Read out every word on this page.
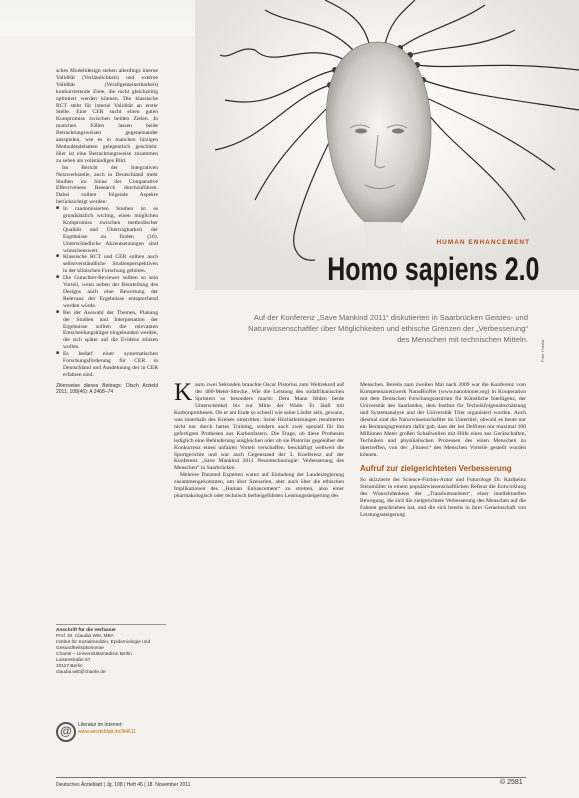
sches Modelldesign stehen allerdings interne Validität (Verlässlichkeit) und externe Validität (Verallgemeinerbarkeit) konkurrierende Ziele, die nicht gleichzeitig optimiert werden können. Die klassische RCT steht für interne Validität an erster Stelle. Eine CER sucht einen guten Kompromiss zwischen beiden Zielen. In manchen Fällen lassen beide Betrachtungsweisen gegeneinander ausspielen, wie es in manchen hitzigen Methodendebatten gelegentlich geschieht. Hier ist eine Betrachtungsweise zusammen zu sehen als vollständiges Bild.

Im Bericht der Integrativen Netzwerkstelle, auch in Deutschland mehr Studien im Sinne der Comparative Effectiveness Research durchzuführen. Dabei sollten folgende Aspekte berücksichtigt werden:

■ In randomisierten Studien ist es grundsätzlich wichtig, einen möglichen Kompromiss zwischen methodischer Qualität und Übertragbarkeit der Ergebnisse zu finden (16). Unterschiedliche Akzentsetzungen sind wünschenswert.
■ Klassische RCT und CER sollten auch selbstverständliche Studienperspektiven in der klinischen Forschung gehören.
■ Die Gutachter-Reviewer sollten so sein Vorteil, wenn neben der Beurteilung des Designs auch eine Bewertung der Relevanz der Ergebnisse entsprechend werden würde.
■ Bei der Auswahl der Themen, Planung der Studien und Interpretation der Ergebnisse sollten die relevanten Entscheidungsträger eingebunden werden, die sich später auf die Evidenz stützen wollen.
■ Es bedarf einer systematischen Forschungsförderung für CER in Deutschland und Ausdehnung der in CER erfahren sind.
Zitierweise dieses Beitrags: Dtsch Arztebl 2011; 108(46): A 2468–74
Anschrift für die Verfasser
Prof. Dr. Claudia Witt, MBA
Institut für Sozialmedizin, Epidemiologie und
Gesundheitsökonomie
Charité – Universitätsmedizin Berlin
Luisenstraße 57
10117 Berlin
claudia.witt@charite.de
@	Literatur im Internet:
www.aerzteblatt.de/lit4611
HUMAN ENHANCEMENT
Homo sapiens 2.0
Auf der Konferenz „Save Mankind 2011“ diskutierten in Saarbrücken Geistes- und Naturwissenschaftler über Möglichkeiten und ethische Grenzen der „Verbesserung“ des Menschen mit technischen Mitteln.
Foto: Fotolia

Kaum zwei Sekunden brauchte Oscar Pistorius zum Weltrekord auf der 400-Meter-Strecke. Wie die Leistung des südafrikanischen Sprinters so besonders macht: Dem Mann fehlen beide Unterschenkel bis zur Mitte der Wade. Er läuft mit Karbonprothesen. Ob er am Ende so schnell wie seine Läufer sein, gewann, was innerhalb des Kreises umstritten: Seine Höchstleistungen resultierten nicht nur durch hartes Training, sondern auch zwei speziell für ihn gefertigten Prothesen aus Karbonfasern. Die Frage, ob diese Prothesen lediglich eine Behinderung ausgleichen oder ob sie Pistorius gegenüber der Konkurrenz einen unfairen Vorteil verschaffen, beschäftigt weltweit die Sportgerichte und war auch Gegenstand der 3. Konferenz auf der Konferenz „Save Mankind 2011 Neurotechnologie: Verbesserung des Menschen“ in Saarbrücken.

Mehrere Dutzend Experten waren auf Einladung der Landesregierung zusammengekommen, um über Szenarien, aber auch über die ethischen Implikationen des „Human Enhancement“ zu streiten, also einer pharmakologisch oder technisch herbeigeführten Leistungssteigerung des

Menschen. Bereits zum zweiten Mal nach 2009 war die Konferenz vom Kompetenznetzwerk NanoBioNet (www.nanobionet.org) in Kooperation mit dem Deutschen Forschungszentrum für Künstliche Intelligenz, der Universität des Saarlandes, dem Institut für Technikfolgenabschätzung und Systemanalyse und der Universität Trier organisiert worden. Auch diesmal sind die Naturwissenschaftler im Untertitel, obwohl es heute nur ein Beratungsgremium dafür gab, dass der bei Delfinen nur maximal 100 Millionen Meter großen Schallwellen mit Hilfe eines aus Gerätschaften, Techniken und physikalischen Prozessen des einen Menschen zu übertreffen, von der „Fitness“ des Menschen Vorteile gestellt worden können.

Aufruf zur zielgerichteten Verbesserung

So skizzierte der Science-Fiction-Autor und Futurologe Dr. Karlheinz Steinmüller in einem populärwissenschaftlichen Referat die Entwicklung des Wunschdenkens der „Transhumanisten“, einer intellektuellen Bewegung, die sich die zielgerichtete Verbesserung des Menschen auf die Fahnen geschrieben hat, und die sich bereits in ihrer Gemeinschaft von Leistungssteigerung

Deutsches Ärzteblatt | Jg. 108 | Heft 46 | 18. November 2011	© 2581
